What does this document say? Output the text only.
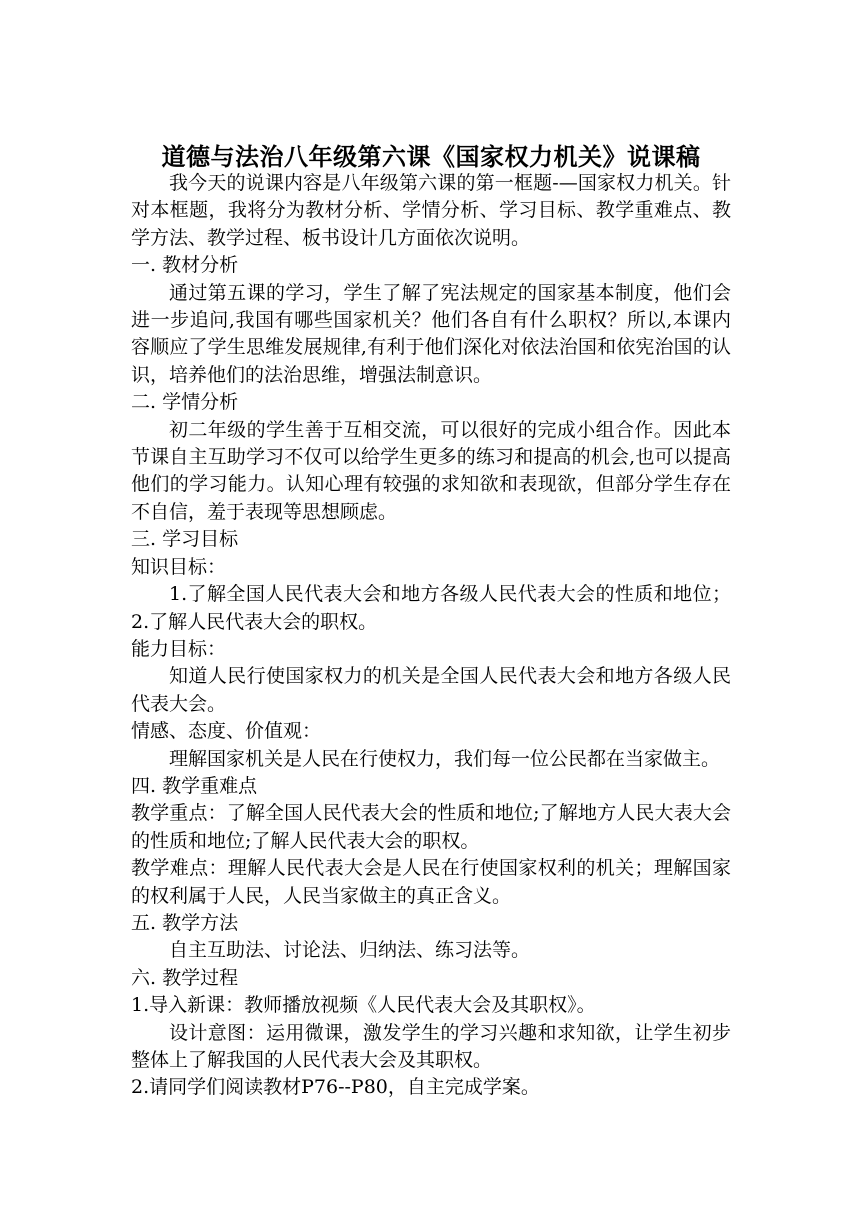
道德与法治八年级第六课《国家权力机关》说课稿

我今天的说课内容是八年级第六课的第一框题-—国家权力机关。针对本框题，我将分为教材分析、学情分析、学习目标、教学重难点、教学方法、教学过程、板书设计几方面依次说明。

一. 教材分析

通过第五课的学习，学生了解了宪法规定的国家基本制度，他们会进一步追问,我国有哪些国家机关？他们各自有什么职权？所以,本课内容顺应了学生思维发展规律,有利于他们深化对依法治国和依宪治国的认识，培养他们的法治思维，增强法制意识。

二. 学情分析

初二年级的学生善于互相交流，可以很好的完成小组合作。因此本节课自主互助学习不仅可以给学生更多的练习和提高的机会,也可以提高他们的学习能力。认知心理有较强的求知欲和表现欲，但部分学生存在不自信，羞于表现等思想顾虑。

三. 学习目标

知识目标：

1.了解全国人民代表大会和地方各级人民代表大会的性质和地位；2.了解人民代表大会的职权。

能力目标：

知道人民行使国家权力的机关是全国人民代表大会和地方各级人民代表大会。

情感、态度、价值观：

理解国家机关是人民在行使权力，我们每一位公民都在当家做主。

四. 教学重难点

教学重点：了解全国人民代表大会的性质和地位;了解地方人民大表大会的性质和地位;了解人民代表大会的职权。

教学难点：理解人民代表大会是人民在行使国家权利的机关；理解国家的权利属于人民，人民当家做主的真正含义。

五. 教学方法

自主互助法、讨论法、归纳法、练习法等。

六. 教学过程

1.导入新课：教师播放视频《人民代表大会及其职权》。

设计意图：运用微课，激发学生的学习兴趣和求知欲，让学生初步整体上了解我国的人民代表大会及其职权。

2.请同学们阅读教材P76--P80，自主完成学案。
